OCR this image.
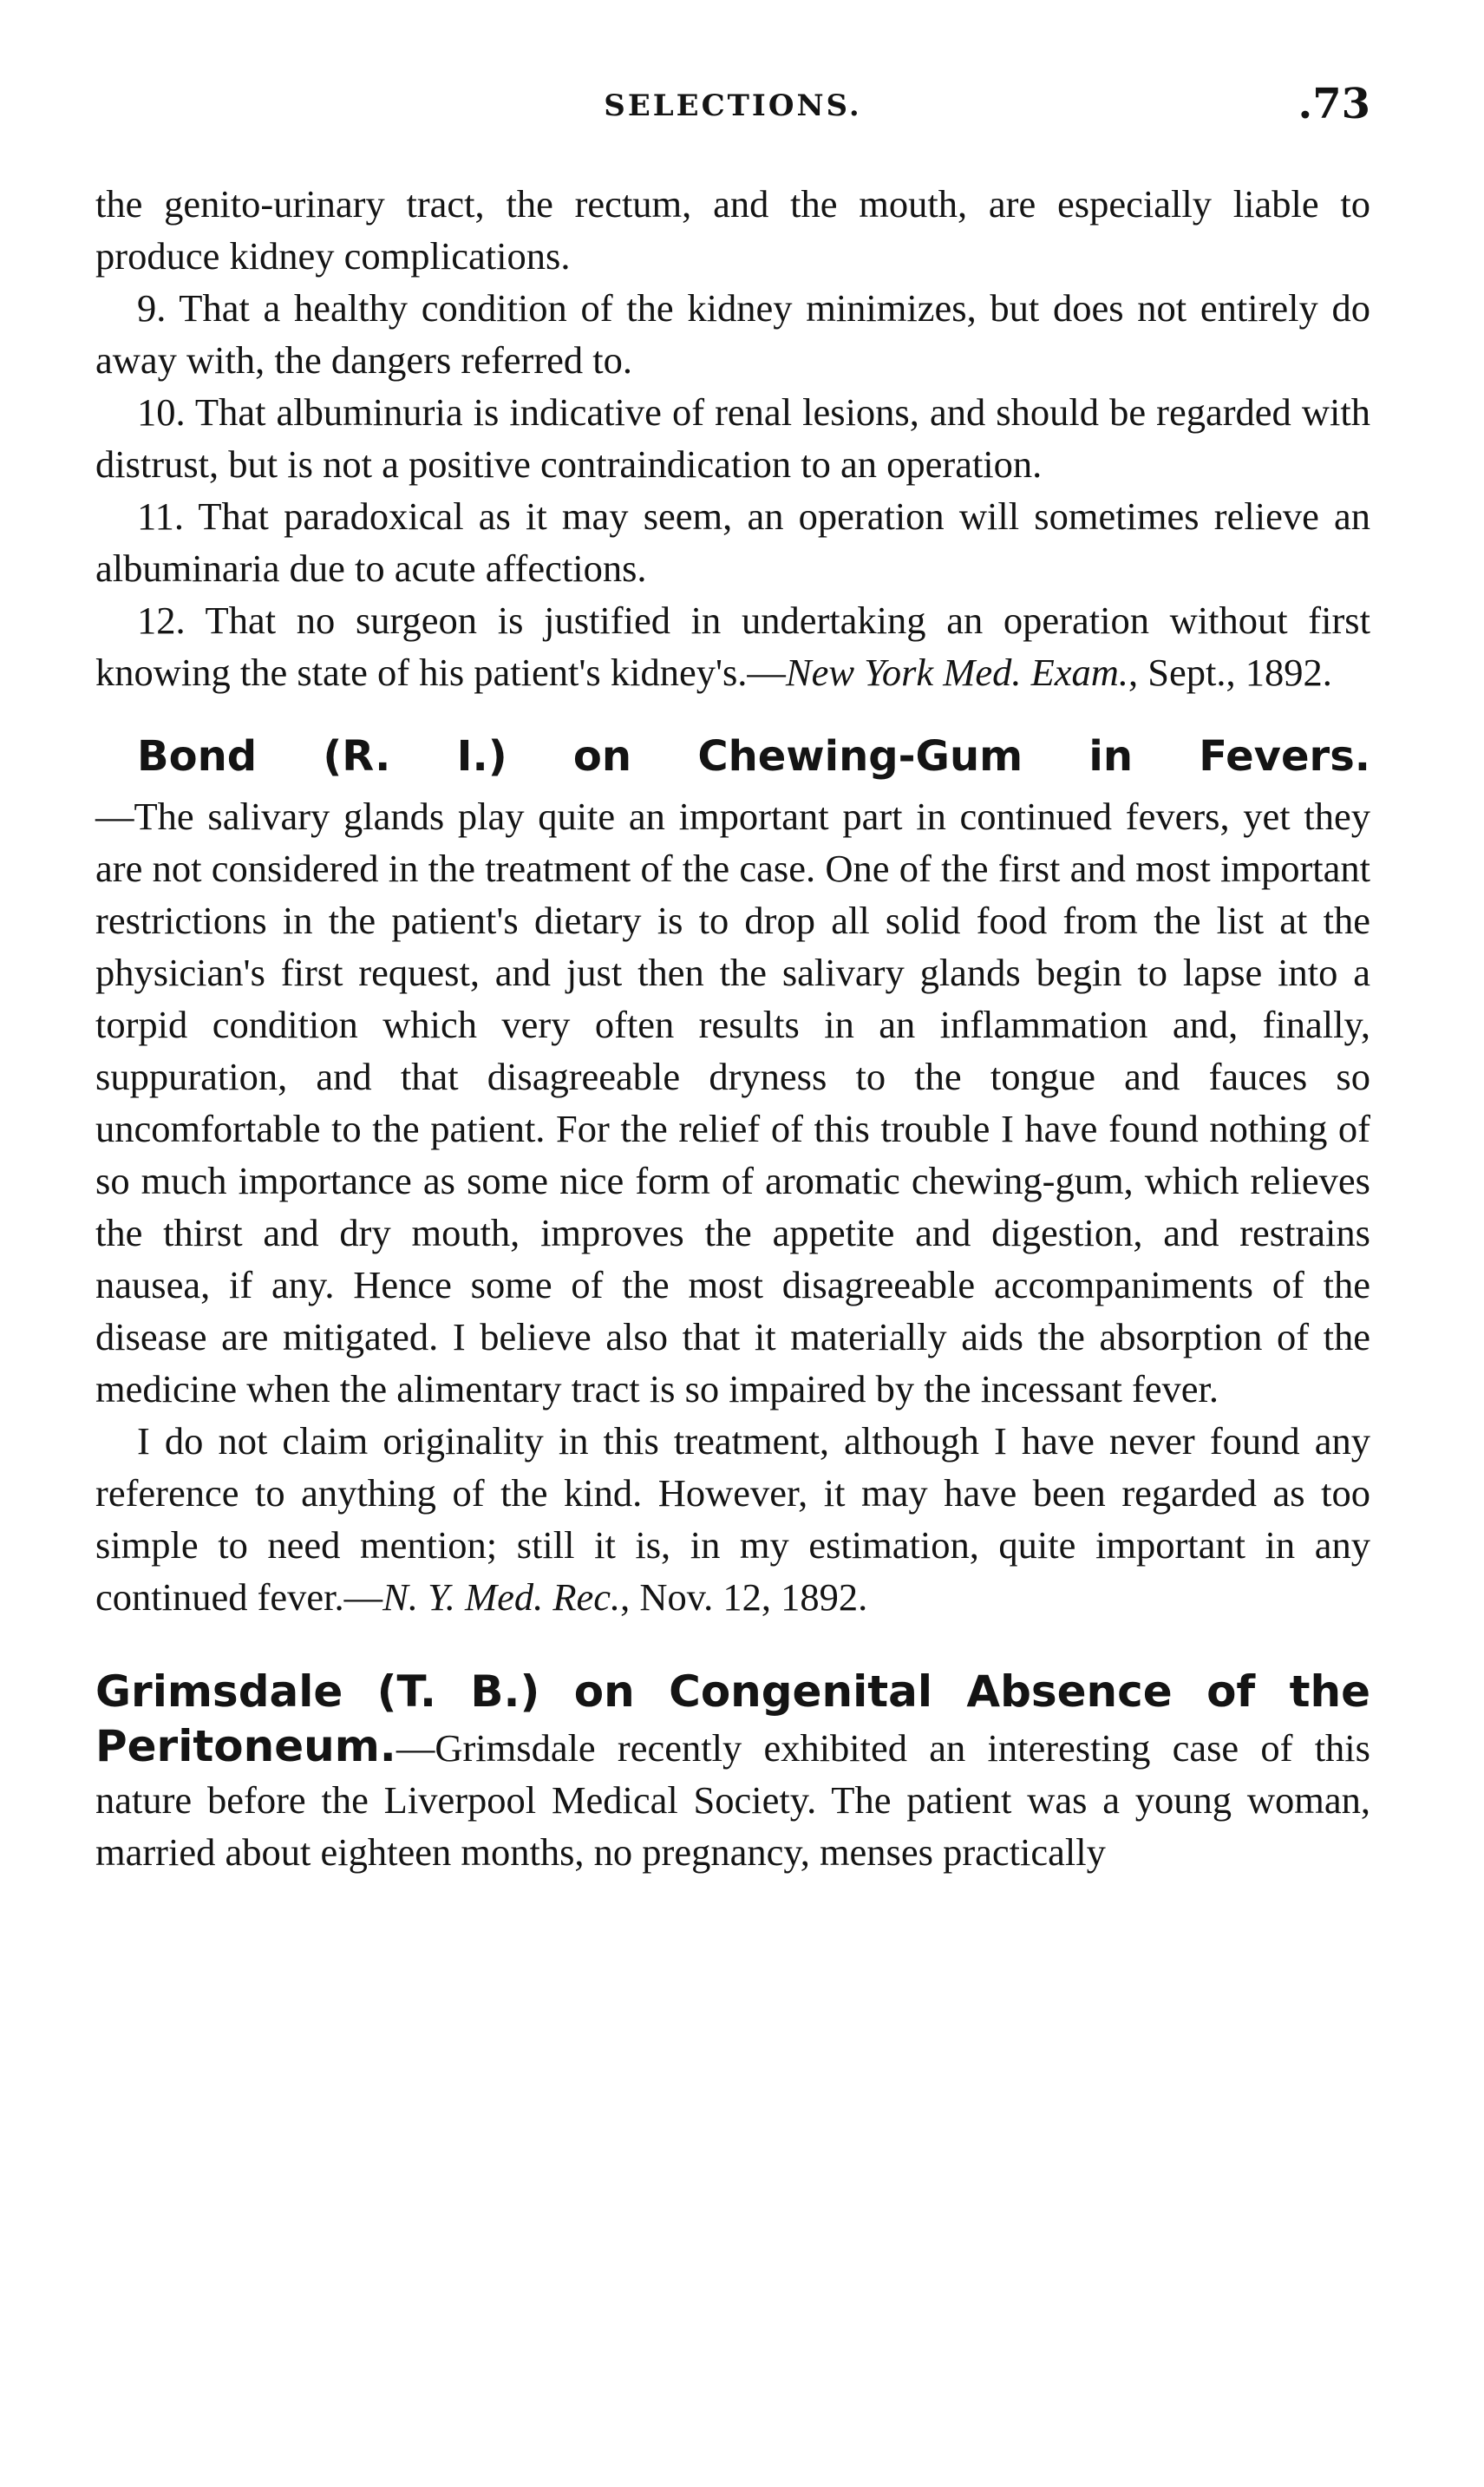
SELECTIONS.	.73

the genito-urinary tract, the rectum, and the mouth, are especially liable to produce kidney complications.

9. That a healthy condition of the kidney minimizes, but does not entirely do away with, the dangers referred to.

10. That albuminuria is indicative of renal lesions, and should be regarded with distrust, but is not a positive contraindication to an operation.

11. That paradoxical as it may seem, an operation will sometimes relieve an albuminaria due to acute affections.

12. That no surgeon is justified in undertaking an operation without first knowing the state of his patient's kidney's.—New York Med. Exam., Sept., 1892.

Bond (R. I.) on Chewing-Gum in Fevers.

—The salivary glands play quite an important part in continued fevers, yet they are not considered in the treatment of the case. One of the first and most important restrictions in the patient's dietary is to drop all solid food from the list at the physician's first request, and just then the salivary glands begin to lapse into a torpid condition which very often results in an inflammation and, finally, suppuration, and that disagreeable dryness to the tongue and fauces so uncomfortable to the patient. For the relief of this trouble I have found nothing of so much importance as some nice form of aromatic chewing-gum, which relieves the thirst and dry mouth, improves the appetite and digestion, and restrains nausea, if any. Hence some of the most disagreeable accompaniments of the disease are mitigated. I believe also that it materially aids the absorption of the medicine when the alimentary tract is so impaired by the incessant fever.

I do not claim originality in this treatment, although I have never found any reference to anything of the kind. However, it may have been regarded as too simple to need mention; still it is, in my estimation, quite important in any continued fever.—N. Y. Med. Rec., Nov. 12, 1892.

Grimsdale (T. B.) on Congenital Absence of the Peritoneum.—Grimsdale recently exhibited an interesting case of this nature before the Liverpool Medical Society. The patient was a young woman, married about eighteen months, no pregnancy, menses practically
